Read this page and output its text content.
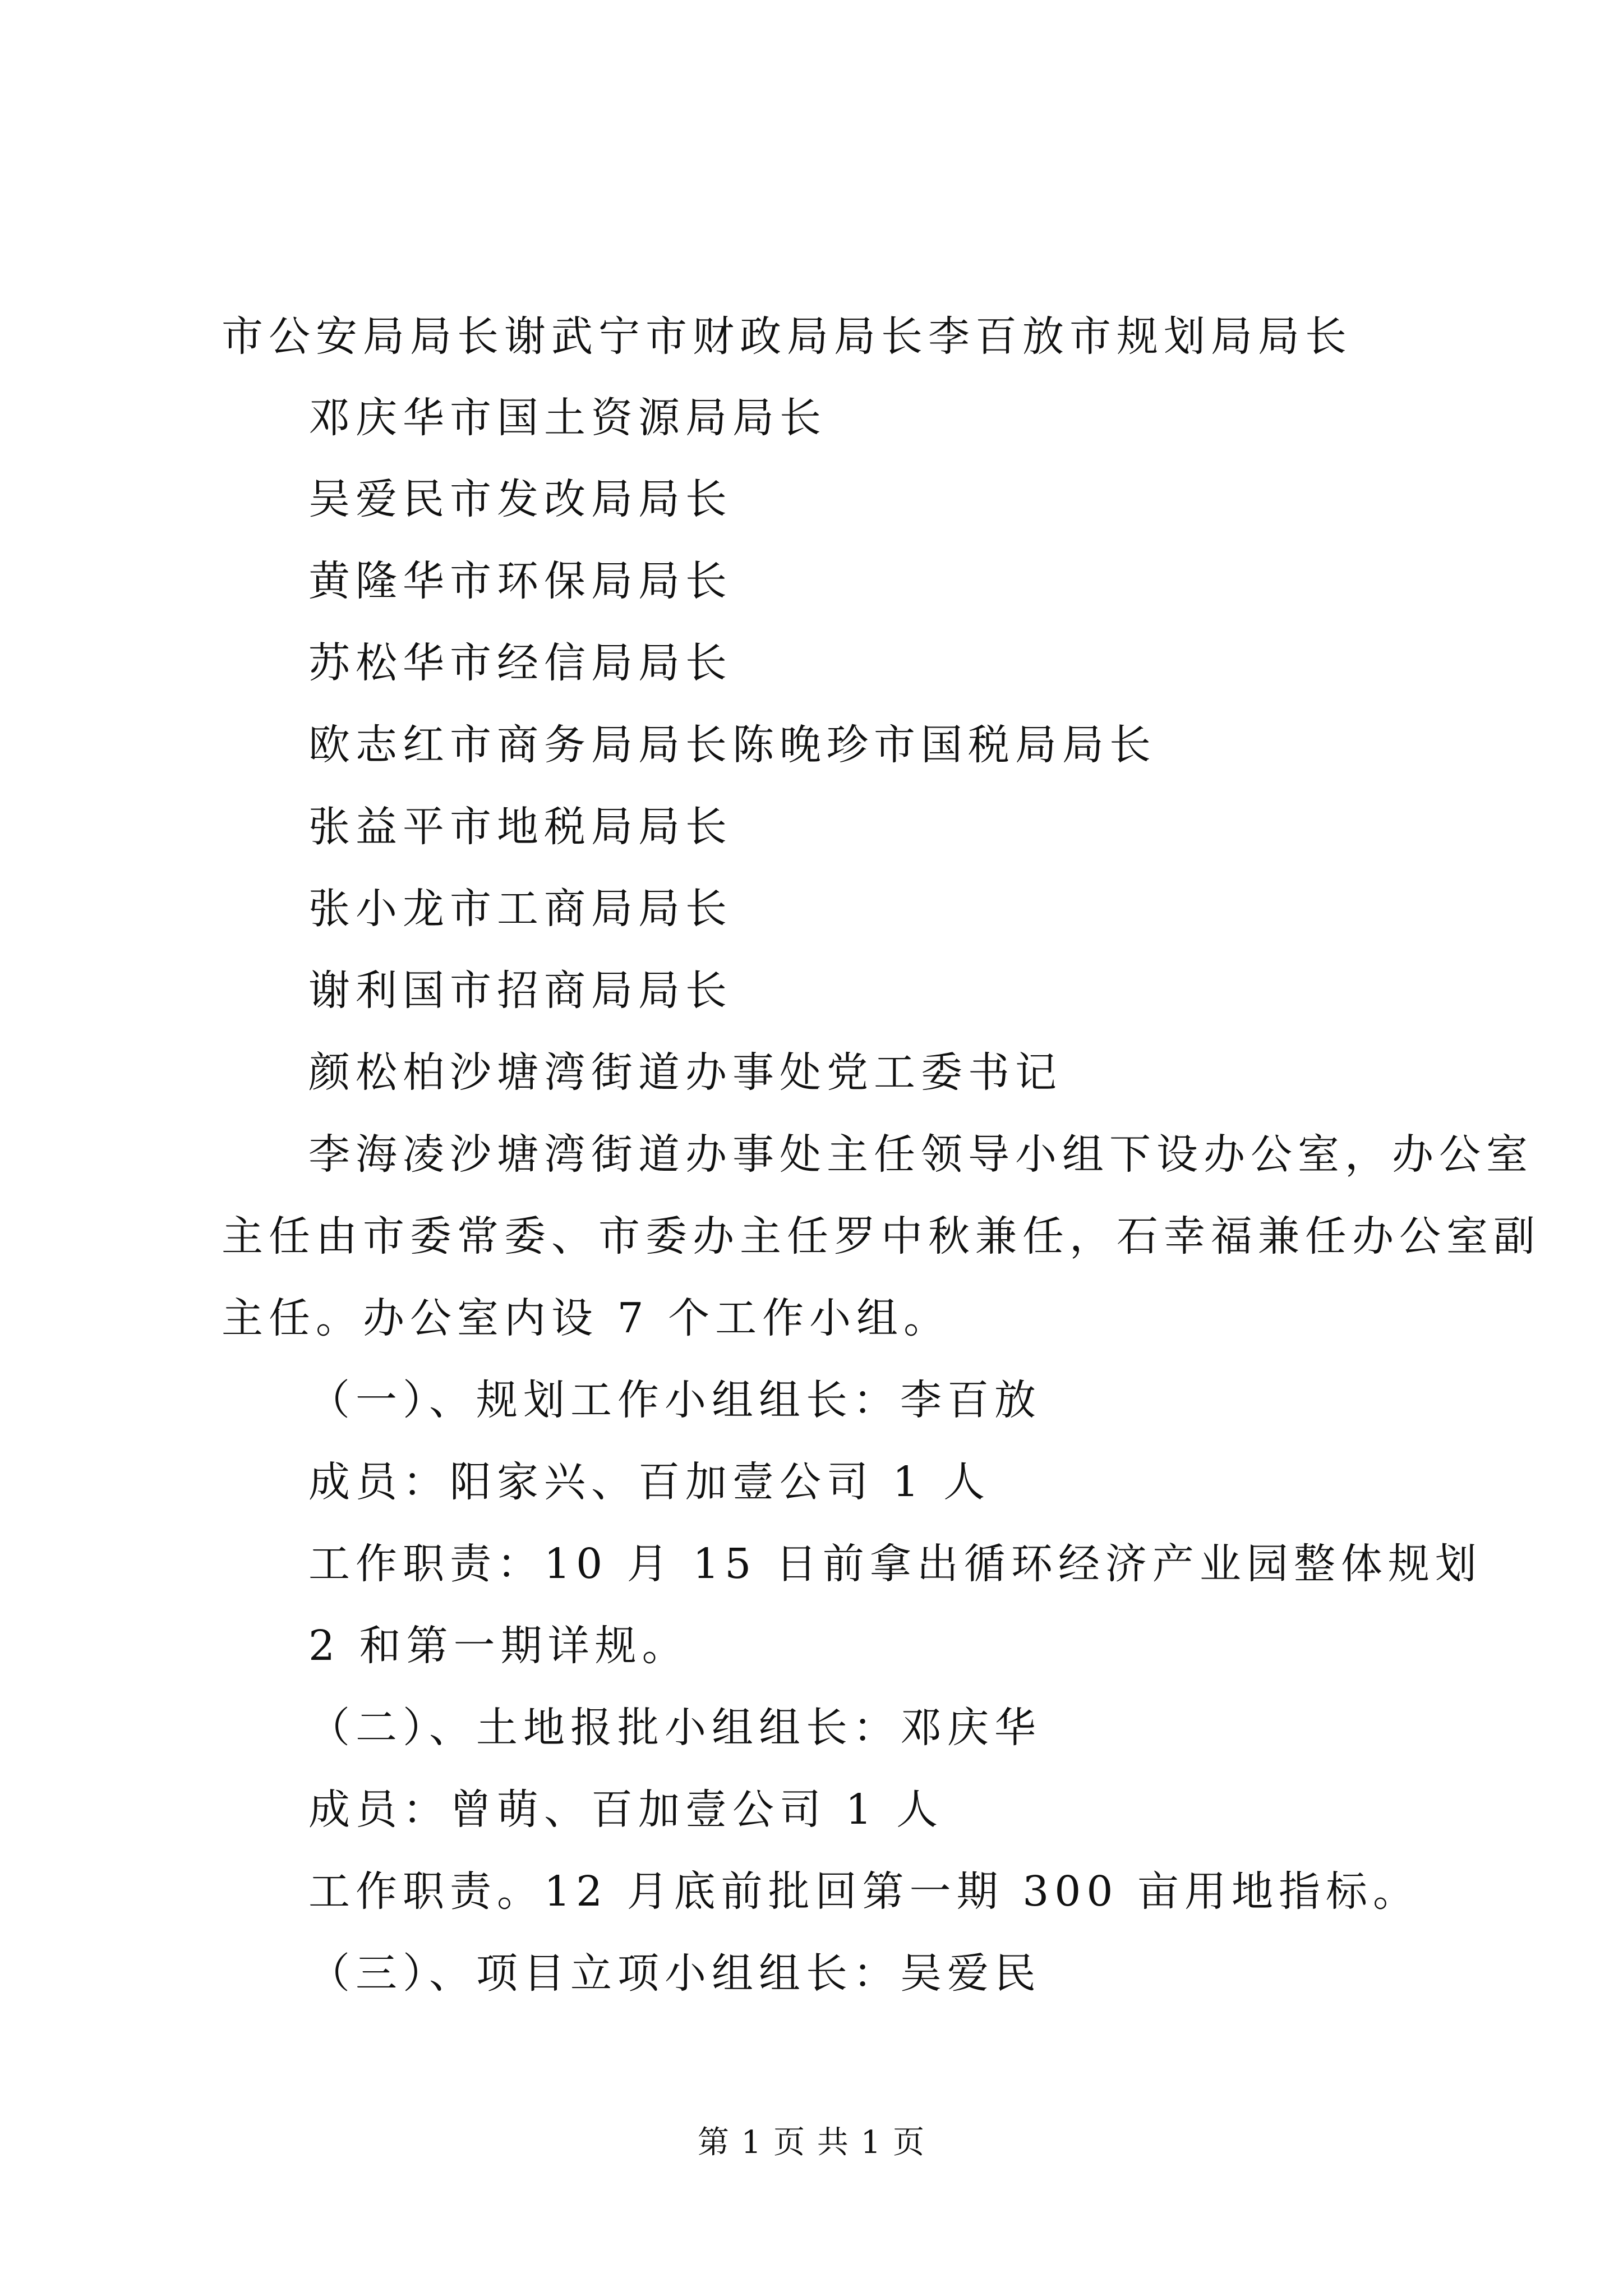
市公安局局长谢武宁市财政局局长李百放市规划局局长
邓庆华市国土资源局局长
吴爱民市发改局局长
黄隆华市环保局局长
苏松华市经信局局长
欧志红市商务局局长陈晚珍市国税局局长
张益平市地税局局长
张小龙市工商局局长
谢利国市招商局局长
颜松柏沙塘湾街道办事处党工委书记
李海凌沙塘湾街道办事处主任领导小组下设办公室，办公室
主任由市委常委、市委办主任罗中秋兼任，石幸福兼任办公室副
主任。办公室内设 7 个工作小组。
（一）、规划工作小组组长：李百放
成员：阳家兴、百加壹公司 1 人
工作职责：10 月 15 日前拿出循环经济产业园整体规划
2 和第一期详规。
（二）、土地报批小组组长：邓庆华
成员：曾萌、百加壹公司 1 人
工作职责。12 月底前批回第一期 300 亩用地指标。
（三）、项目立项小组组长：吴爱民
第 1 页 共 1 页
